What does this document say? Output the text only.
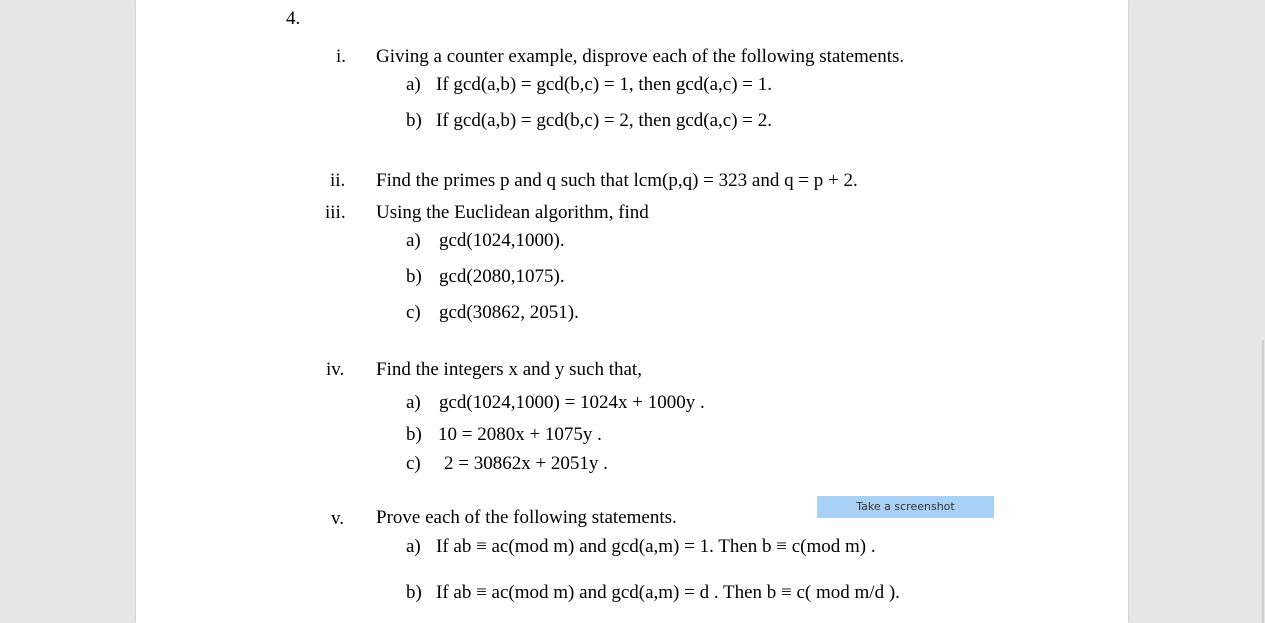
4.
i. Giving a counter example, disprove each of the following statements.
a) If gcd(a,b) = gcd(b,c) = 1, then gcd(a,c) = 1.
b) If gcd(a,b) = gcd(b,c) = 2, then gcd(a,c) = 2.
ii. Find the primes p and q such that lcm(p,q) = 323 and q = p + 2.
iii. Using the Euclidean algorithm, find
a) gcd(1024,1000).
b) gcd(2080,1075).
c) gcd(30862, 2051).
iv. Find the integers x and y such that,
a) gcd(1024,1000) = 1024x + 1000y .
b) 10 = 2080x + 1075y .
c) 2 = 30862x + 2051y .
Take a screenshot
v. Prove each of the following statements.
a) If ab ≡ ac(mod m) and gcd(a,m) = 1. Then b ≡ c(mod m) .
b) If ab ≡ ac(mod m) and gcd(a,m) = d . Then b ≡ c( mod m/d ).
